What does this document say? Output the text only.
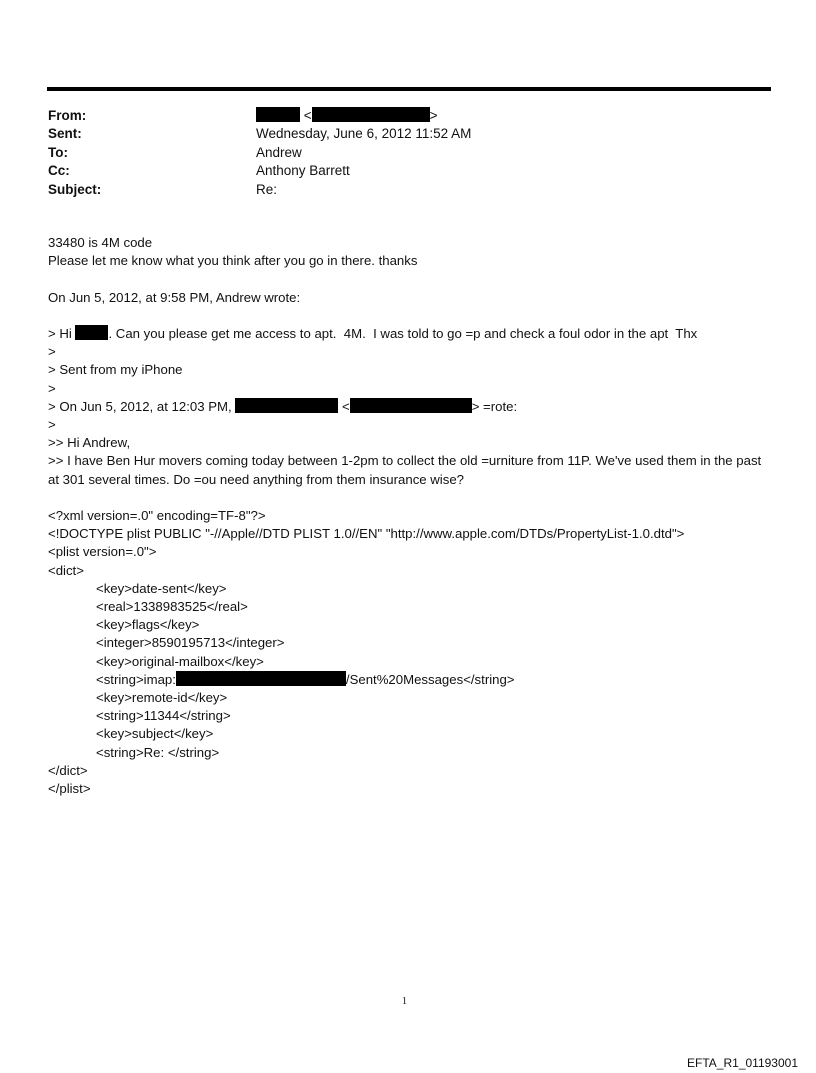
From:	<	>
Sent:	Wednesday, June 6, 2012 11:52 AM
To:	Andrew
Cc:	Anthony Barrett
Subject:	Re:
33480 is 4M code
Please let me know what you think after you go in there. thanks
On Jun 5, 2012, at 9:58 PM, Andrew wrote:
> Hi	. Can you please get me access to apt.  4M.  I was told to go =p and check a foul odor in the apt  Thx
>
> Sent from my iPhone
>
> On Jun 5, 2012, at 12:03 PM,	<	> =rote:
>
>> Hi Andrew,
>> I have Ben Hur movers coming today between 1-2pm to collect the old =urniture from 11P. We've used them in the past at 301 several times. Do =ou need anything from them insurance wise?
<?xml version=.0" encoding=TF-8"?>
<!DOCTYPE plist PUBLIC "-//Apple//DTD PLIST 1.0//EN" "http://www.apple.com/DTDs/PropertyList-1.0.dtd">
<plist version=.0">
<dict>
<key>date-sent</key>
<real>1338983525</real>
<key>flags</key>
<integer>8590195713</integer>
<key>original-mailbox</key>
<string>imap:	/Sent%20Messages</string>
<key>remote-id</key>
<string>11344</string>
<key>subject</key>
<string>Re: </string>
</dict>
</plist>
1
EFTA_R1_01193001
